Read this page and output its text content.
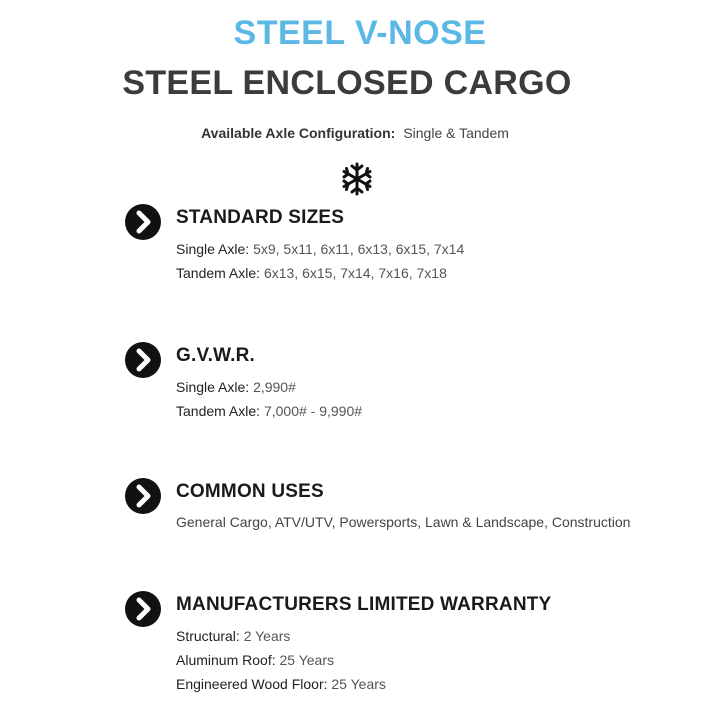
STEEL V-NOSE
STEEL ENCLOSED CARGO
Available Axle Configuration: Single & Tandem
STANDARD SIZES
Single Axle: 5x9, 5x11, 6x11, 6x13, 6x15, 7x14
Tandem Axle: 6x13, 6x15, 7x14, 7x16, 7x18
G.V.W.R.
Single Axle: 2,990#
Tandem Axle: 7,000# - 9,990#
COMMON USES
General Cargo, ATV/UTV, Powersports, Lawn & Landscape, Construction
MANUFACTURERS LIMITED WARRANTY
Structural: 2 Years
Aluminum Roof: 25 Years
Engineered Wood Floor: 25 Years
